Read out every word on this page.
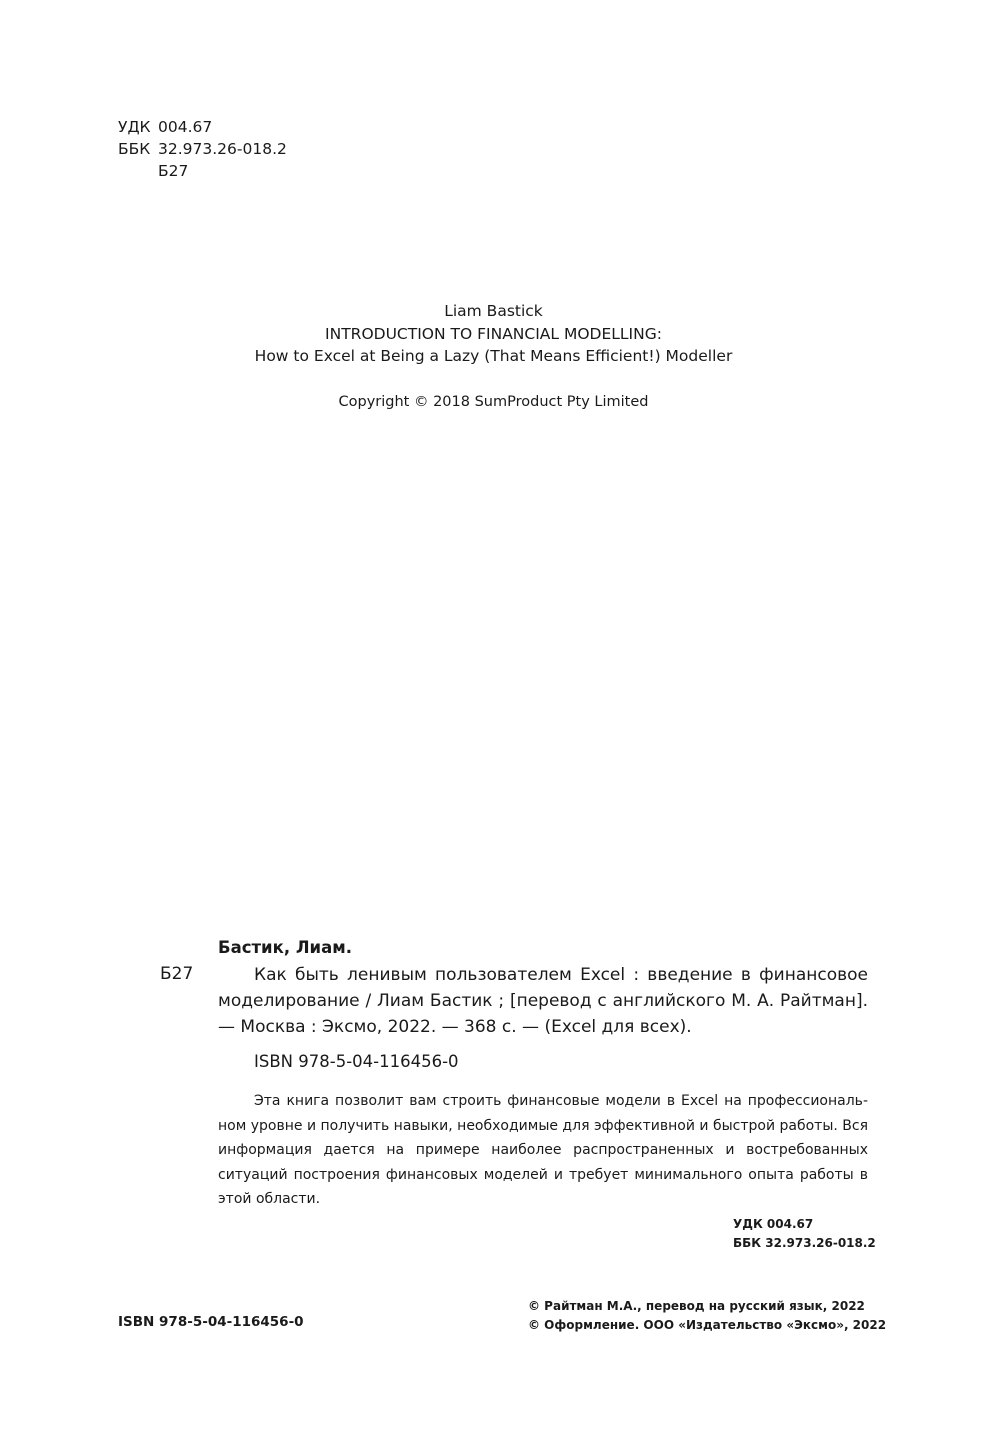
УДК 004.67
ББК 32.973.26-018.2
Б27
Liam Bastick
INTRODUCTION TO FINANCIAL MODELLING:
How to Excel at Being a Lazy (That Means Efficient!) Modeller
Copyright © 2018 SumProduct Pty Limited
Бастик, Лиам.
Б27	Как быть ленивым пользователем Excel : введение в финансовое моделирование / Лиам Бастик ; [перевод с английского М. А. Райтман]. — Москва : Эксмо, 2022. — 368 с. — (Excel для всех).
ISBN 978-5-04-116456-0
Эта книга позволит вам строить финансовые модели в Excel на профессиональном уровне и получить навыки, необходимые для эффективной и быстрой работы. Вся информация дается на примере наиболее распространенных и востребованных ситуаций построения финансовых моделей и требует минимального опыта работы в этой области.
УДК 004.67
ББК 32.973.26-018.2
ISBN 978-5-04-116456-0
© Райтман М.А., перевод на русский язык, 2022
© Оформление. ООО «Издательство «Эксмо», 2022
